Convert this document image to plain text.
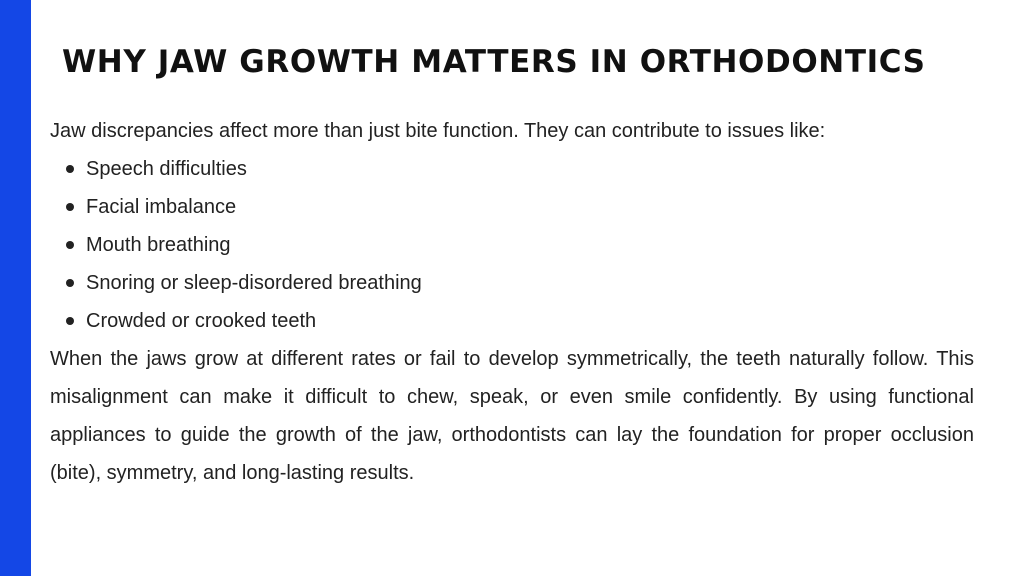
WHY JAW GROWTH MATTERS IN ORTHODONTICS

Jaw discrepancies affect more than just bite function. They can contribute to issues like:

Speech difficulties
Facial imbalance
Mouth breathing
Snoring or sleep-disordered breathing
Crowded or crooked teeth

When the jaws grow at different rates or fail to develop symmetrically, the teeth naturally follow. This misalignment can make it difficult to chew, speak, or even smile confidently. By using functional appliances to guide the growth of the jaw, orthodontists can lay the foundation for proper occlusion (bite), symmetry, and long-lasting results.
